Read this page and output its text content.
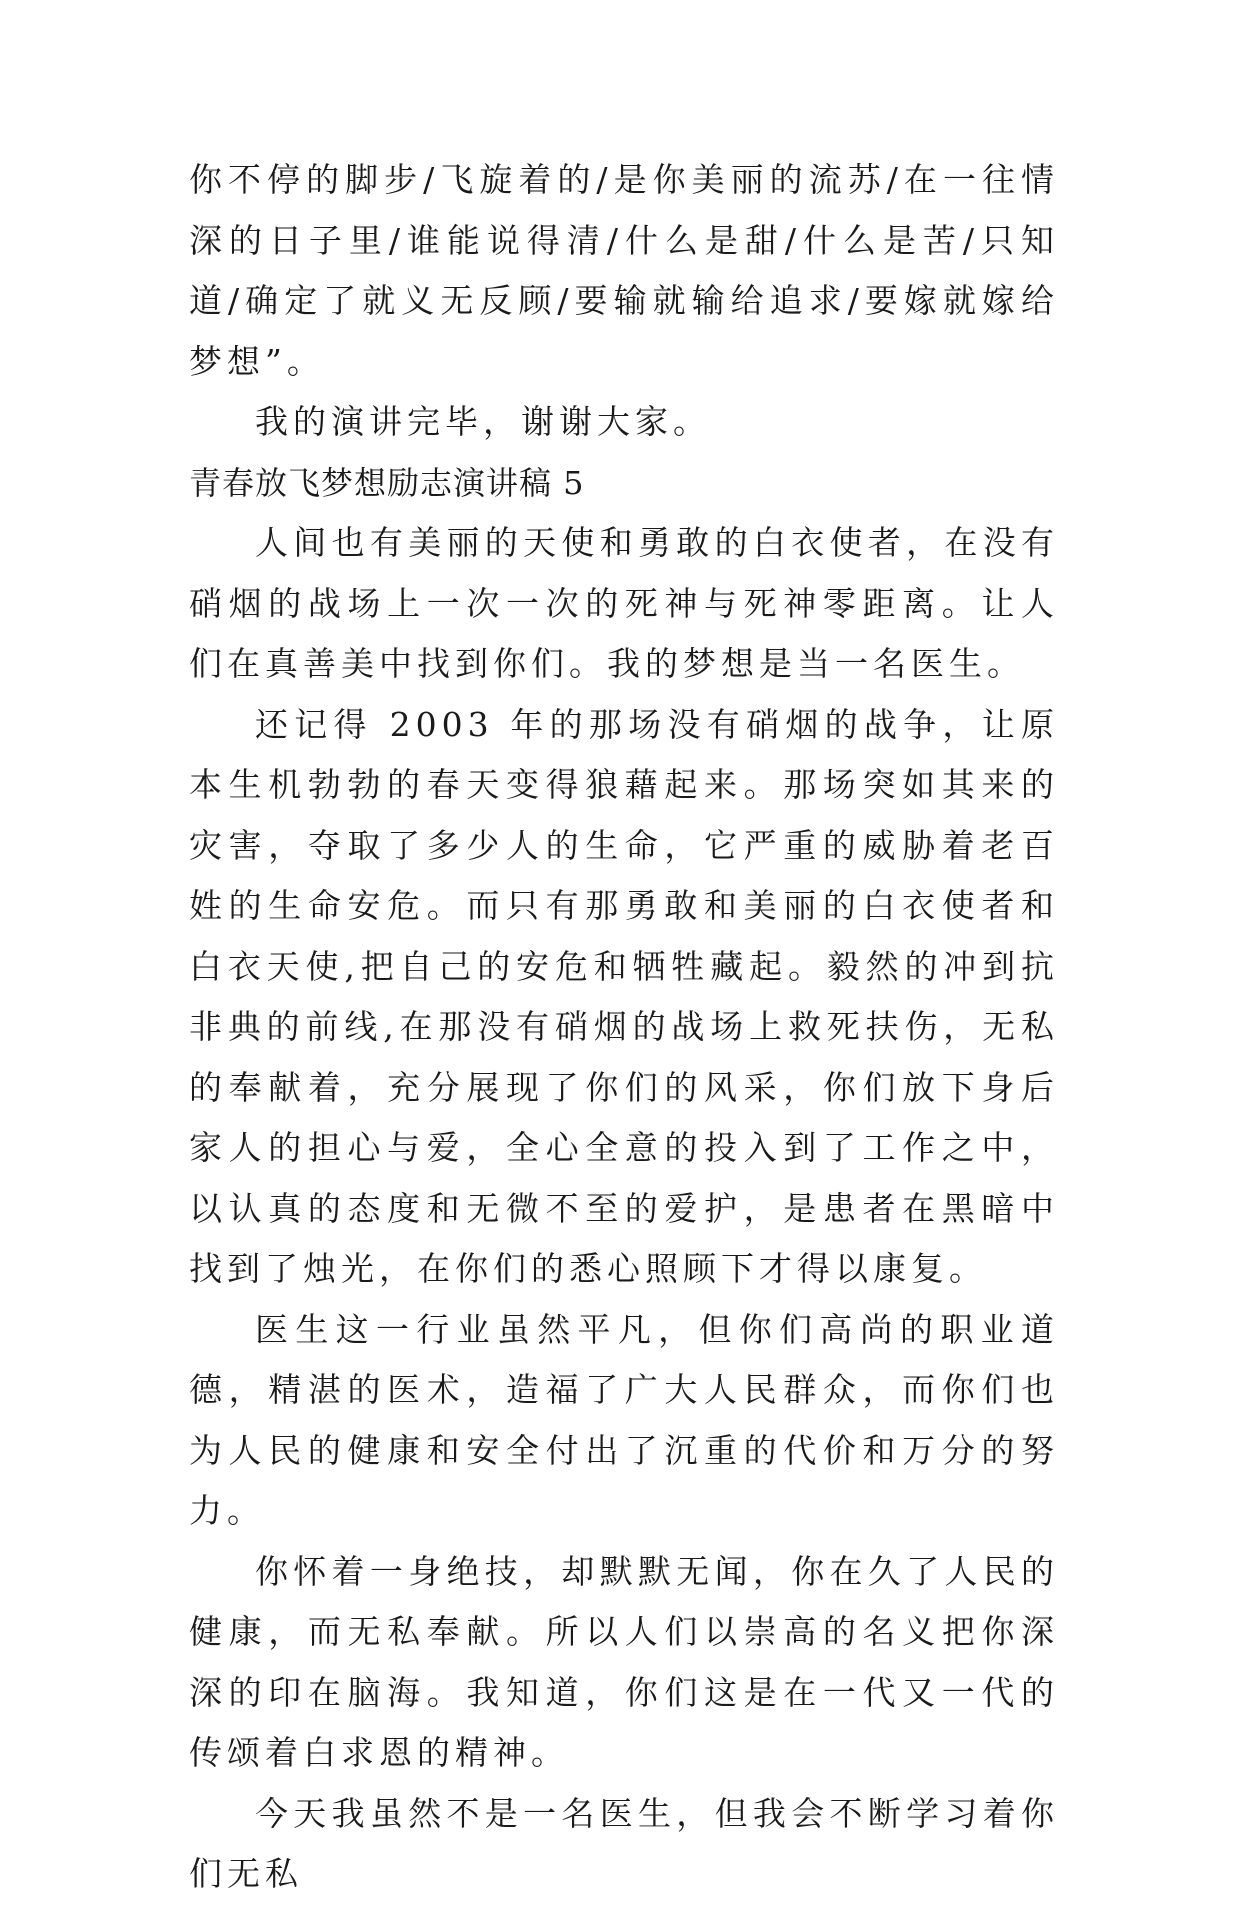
你不停的脚步/飞旋着的/是你美丽的流苏/在一往情深的日子里/谁能说得清/什么是甜/什么是苦/只知道/确定了就义无反顾/要输就输给追求/要嫁就嫁给梦想”。

我的演讲完毕，谢谢大家。

青春放飞梦想励志演讲稿 5

人间也有美丽的天使和勇敢的白衣使者，在没有硝烟的战场上一次一次的死神与死神零距离。让人们在真善美中找到你们。我的梦想是当一名医生。

还记得 2003 年的那场没有硝烟的战争，让原本生机勃勃的春天变得狼藉起来。那场突如其来的灾害，夺取了多少人的生命，它严重的威胁着老百姓的生命安危。而只有那勇敢和美丽的白衣使者和白衣天使,把自己的安危和牺牲藏起。毅然的冲到抗非典的前线,在那没有硝烟的战场上救死扶伤，无私的奉献着，充分展现了你们的风采，你们放下身后家人的担心与爱，全心全意的投入到了工作之中，以认真的态度和无微不至的爱护，是患者在黑暗中找到了烛光，在你们的悉心照顾下才得以康复。

医生这一行业虽然平凡，但你们高尚的职业道德，精湛的医术，造福了广大人民群众，而你们也为人民的健康和安全付出了沉重的代价和万分的努力。

你怀着一身绝技，却默默无闻，你在久了人民的健康，而无私奉献。所以人们以崇高的名义把你深深的印在脑海。我知道，你们这是在一代又一代的传颂着白求恩的精神。

今天我虽然不是一名医生，但我会不断学习着你们无私
